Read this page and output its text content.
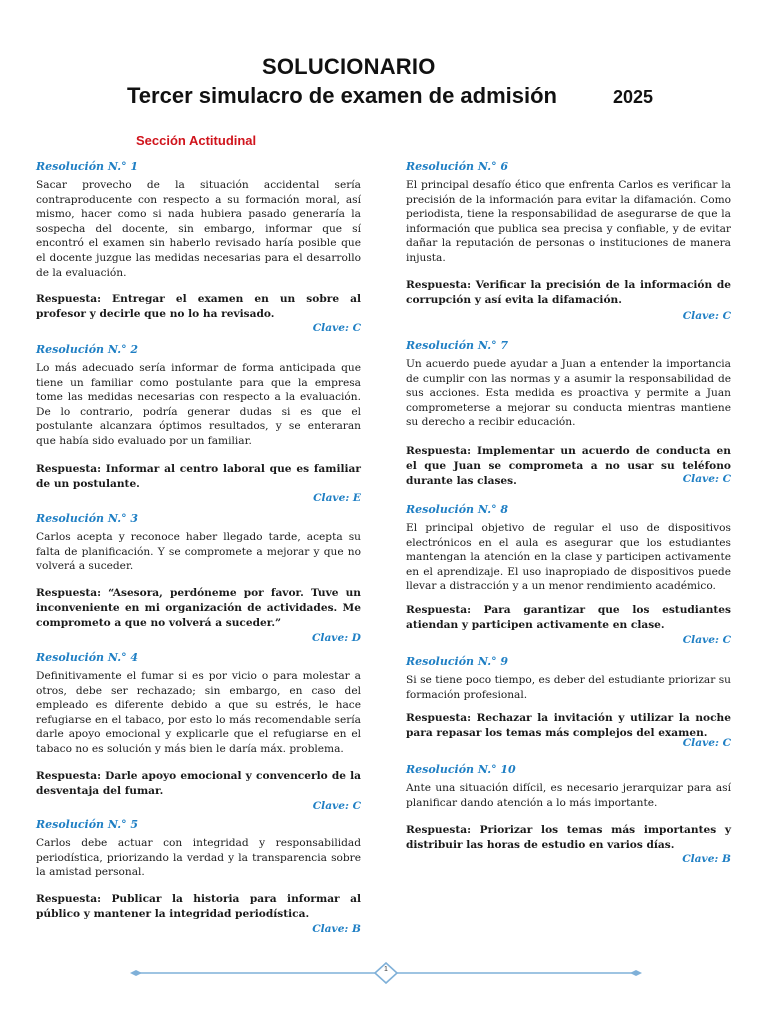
SOLUCIONARIO
Tercer simulacro de examen de admisión	2025
Sección Actitudinal
Resolución N.° 1
Sacar provecho de la situación accidental sería contraproducente con respecto a su formación moral, así mismo, hacer como si nada hubiera pasado generaría la sospecha del docente, sin embargo, informar que sí encontró el examen sin haberlo revisado haría posible que el docente juzgue las medidas necesarias para el desarrollo de la evaluación.
Respuesta: Entregar el examen en un sobre al profesor y decirle que no lo ha revisado.
Clave: C
Resolución N.° 2
Lo más adecuado sería informar de forma anticipada que tiene un familiar como postulante para que la empresa tome las medidas necesarias con respecto a la evaluación. De lo contrario, podría generar dudas si es que el postulante alcanzara óptimos resultados, y se enteraran que había sido evaluado por un familiar.
Respuesta: Informar al centro laboral que es familiar de un postulante.
Clave: E
Resolución N.° 3
Carlos acepta y reconoce haber llegado tarde, acepta su falta de planificación. Y se compromete a mejorar y que no volverá a suceder.
Respuesta: “Asesora, perdóneme por favor. Tuve un inconveniente en mi organización de actividades. Me comprometo a que no volverá a suceder.”
Clave: D
Resolución N.° 4
Definitivamente el fumar si es por vicio o para molestar a otros, debe ser rechazado; sin embargo, en caso del empleado es diferente debido a que su estrés, le hace refugiarse en el tabaco, por esto lo más recomendable sería darle apoyo emocional y explicarle que el refugiarse en el tabaco no es solución y más bien le daría máx. problema.
Respuesta: Darle apoyo emocional y convencerlo de la desventaja del fumar.
Clave: C
Resolución N.° 5
Carlos debe actuar con integridad y responsabilidad periodística, priorizando la verdad y la transparencia sobre la amistad personal.
Respuesta: Publicar la historia para informar al público y mantener la integridad periodística.
Clave: B
Resolución N.° 6
El principal desafío ético que enfrenta Carlos es verificar la precisión de la información para evitar la difamación. Como periodista, tiene la responsabilidad de asegurarse de que la información que publica sea precisa y confiable, y de evitar dañar la reputación de personas o instituciones de manera injusta.
Respuesta: Verificar la precisión de la información de corrupción y así evita la difamación.
Clave: C
Resolución N.° 7
Un acuerdo puede ayudar a Juan a entender la importancia de cumplir con las normas y a asumir la responsabilidad de sus acciones. Esta medida es proactiva y permite a Juan comprometerse a mejorar su conducta mientras mantiene su derecho a recibir educación.
Respuesta: Implementar un acuerdo de conducta en el que Juan se comprometa a no usar su teléfono durante las clases.	Clave: C
Resolución N.° 8
El principal objetivo de regular el uso de dispositivos electrónicos en el aula es asegurar que los estudiantes mantengan la atención en la clase y participen activamente en el aprendizaje. El uso inapropiado de dispositivos puede llevar a distracción y a un menor rendimiento académico.
Respuesta: Para garantizar que los estudiantes atiendan y participen activamente en clase.
Clave: C
Resolución N.° 9
Si se tiene poco tiempo, es deber del estudiante priorizar su formación profesional.
Respuesta: Rechazar la invitación y utilizar la noche para repasar los temas más complejos del examen.
Clave: C
Resolución N.° 10
Ante una situación difícil, es necesario jerarquizar para así planificar dando atención a lo más importante.
Respuesta: Priorizar los temas más importantes y distribuir las horas de estudio en varios días.
Clave: B
1
